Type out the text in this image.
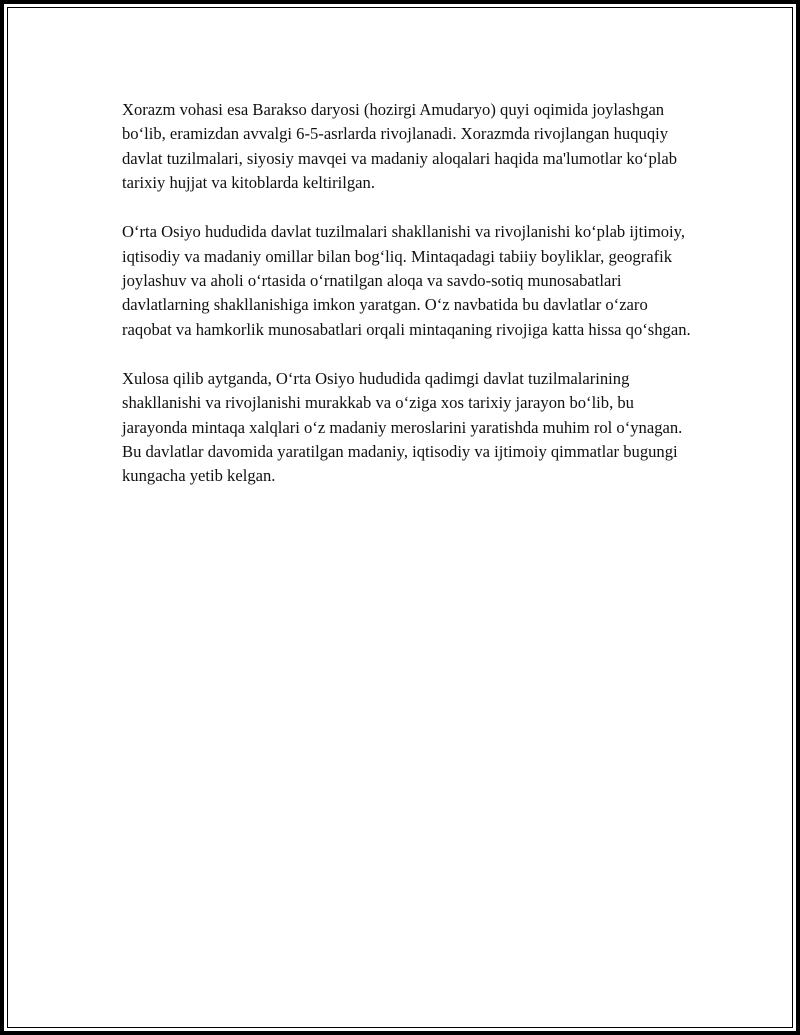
Xorazm vohasi esa Barakso daryosi (hozirgi Amudaryo) quyi oqimida joylashgan bo‘lib, eramizdan avvalgi 6-5-asrlarda rivojlanadi. Xorazmda rivojlangan huquqiy davlat tuzilmalari, siyosiy mavqei va madaniy aloqalari haqida ma'lumotlar ko‘plab tarixiy hujjat va kitoblarda keltirilgan.

O‘rta Osiyo hududida davlat tuzilmalari shakllanishi va rivojlanishi ko‘plab ijtimoiy, iqtisodiy va madaniy omillar bilan bog‘liq. Mintaqadagi tabiiy boyliklar, geografik joylashuv va aholi o‘rtasida o‘rnatilgan aloqa va savdo-sotiq munosabatlari davlatlarning shakllanishiga imkon yaratgan. O‘z navbatida bu davlatlar o‘zaro raqobat va hamkorlik munosabatlari orqali mintaqaning rivojiga katta hissa qo‘shgan.

Xulosa qilib aytganda, O‘rta Osiyo hududida qadimgi davlat tuzilmalarining shakllanishi va rivojlanishi murakkab va o‘ziga xos tarixiy jarayon bo‘lib, bu jarayonda mintaqa xalqlari o‘z madaniy meroslarini yaratishda muhim rol o‘ynagan. Bu davlatlar davomida yaratilgan madaniy, iqtisodiy va ijtimoiy qimmatlar bugungi kungacha yetib kelgan.
